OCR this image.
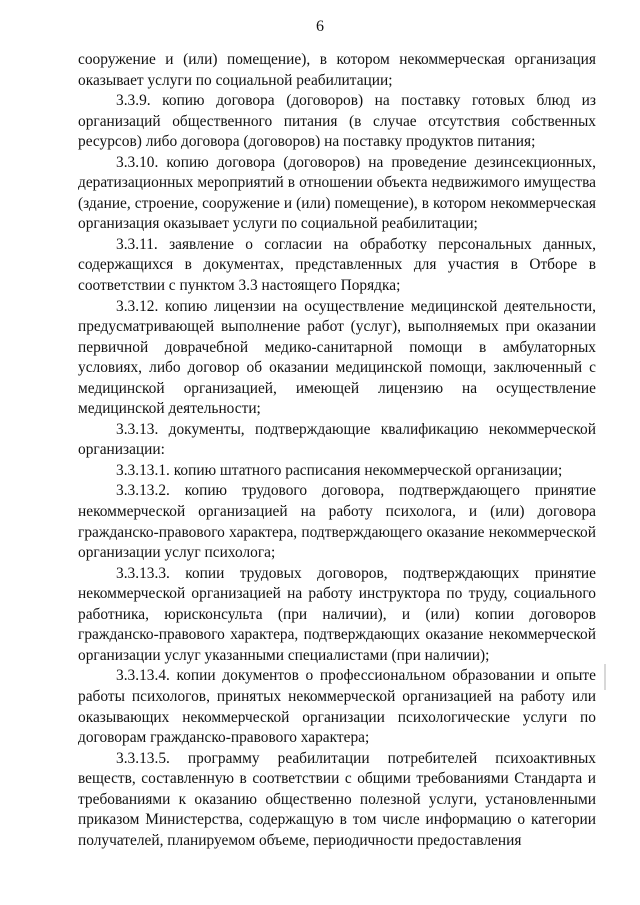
6

сооружение и (или) помещение), в котором некоммерческая организация оказывает услуги по социальной реабилитации;

3.3.9. копию договора (договоров) на поставку готовых блюд из организаций общественного питания (в случае отсутствия собственных ресурсов) либо договора (договоров) на поставку продуктов питания;

3.3.10. копию договора (договоров) на проведение дезинсекционных, дератизационных мероприятий в отношении объекта недвижимого имущества (здание, строение, сооружение и (или) помещение), в котором некоммерческая организация оказывает услуги по социальной реабилитации;

3.3.11. заявление о согласии на обработку персональных данных, содержащихся в документах, представленных для участия в Отборе в соответствии с пунктом 3.3 настоящего Порядка;

3.3.12. копию лицензии на осуществление медицинской деятельности, предусматривающей выполнение работ (услуг), выполняемых при оказании первичной доврачебной медико-санитарной помощи в амбулаторных условиях, либо договор об оказании медицинской помощи, заключенный с медицинской организацией, имеющей лицензию на осуществление медицинской деятельности;

3.3.13. документы, подтверждающие квалификацию некоммерческой организации:

3.3.13.1. копию штатного расписания некоммерческой организации;

3.3.13.2. копию трудового договора, подтверждающего принятие некоммерческой организацией на работу психолога, и (или) договора гражданско-правового характера, подтверждающего оказание некоммерческой организации услуг психолога;

3.3.13.3. копии трудовых договоров, подтверждающих принятие некоммерческой организацией на работу инструктора по труду, социального работника, юрисконсульта (при наличии), и (или) копии договоров гражданско-правового характера, подтверждающих оказание некоммерческой организации услуг указанными специалистами (при наличии);

3.3.13.4. копии документов о профессиональном образовании и опыте работы психологов, принятых некоммерческой организацией на работу или оказывающих некоммерческой организации психологические услуги по договорам гражданско-правового характера;

3.3.13.5. программу реабилитации потребителей психоактивных веществ, составленную в соответствии с общими требованиями Стандарта и требованиями к оказанию общественно полезной услуги, установленными приказом Министерства, содержащую в том числе информацию о категории получателей, планируемом объеме, периодичности предоставления
